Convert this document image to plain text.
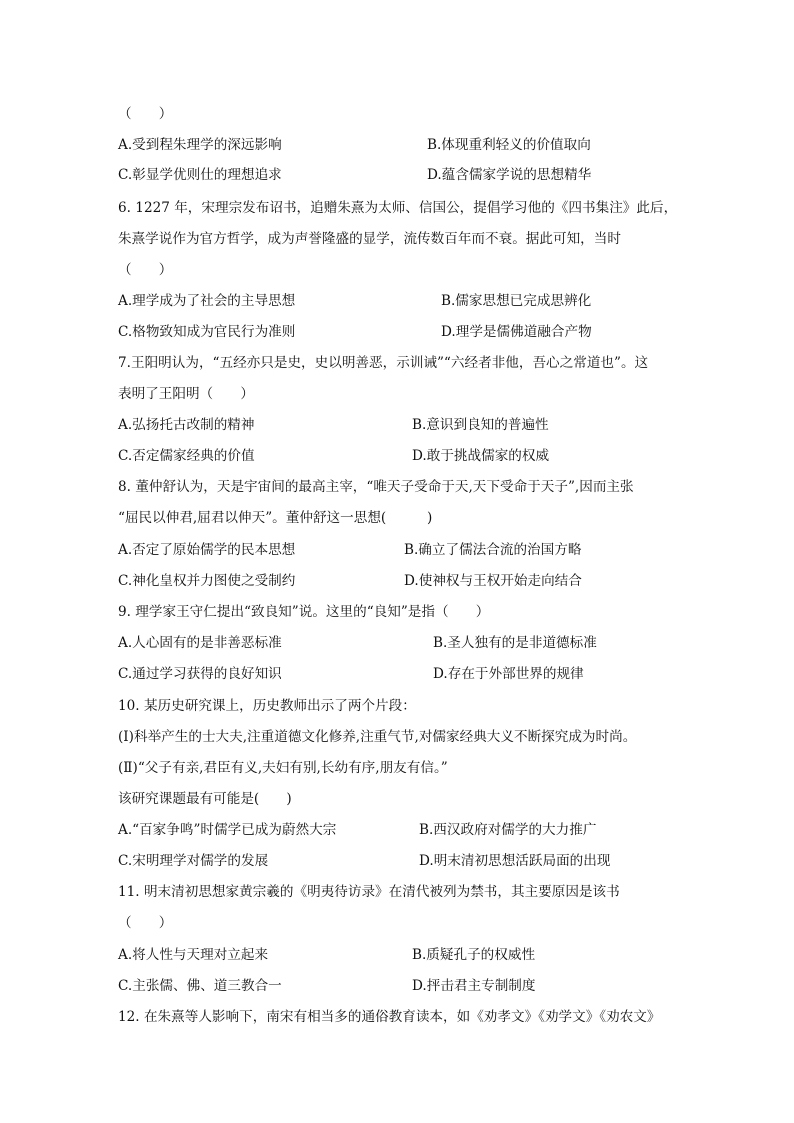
（　　）
A.受到程朱理学的深远影响	B.体现重利轻义的价值取向
C.彰显学优则仕的理想追求	D.蕴含儒家学说的思想精华
6. 1227 年，宋理宗发布诏书，追赠朱熹为太师、信国公，提倡学习他的《四书集注》此后，
朱熹学说作为官方哲学，成为声誉隆盛的显学，流传数百年而不衰。据此可知，当时
（　　）
A.理学成为了社会的主导思想	B.儒家思想已完成思辨化
C.格物致知成为官民行为准则	D.理学是儒佛道融合产物
7.王阳明认为，“五经亦只是史，史以明善恶，示训诫”“六经者非他，吾心之常道也”。这
表明了王阳明（　　）
A.弘扬托古改制的精神	B.意识到良知的普遍性
C.否定儒家经典的价值	D.敢于挑战儒家的权威
8. 董仲舒认为，天是宇宙间的最高主宰，“唯天子受命于天,天下受命于天子”,因而主张
“屈民以伸君,屈君以伸天”。董仲舒这一思想(　　　)
A.否定了原始儒学的民本思想	B.确立了儒法合流的治国方略
C.神化皇权并力图使之受制约	D.使神权与王权开始走向结合
9. 理学家王守仁提出“致良知”说。这里的“良知”是指（　　）
A.人心固有的是非善恶标准	B.圣人独有的是非道德标准
C.通过学习获得的良好知识	D.存在于外部世界的规律
10. 某历史研究课上，历史教师出示了两个片段：
(Ⅰ)科举产生的士大夫,注重道德文化修养,注重气节,对儒家经典大义不断探究成为时尚。
(Ⅱ)“父子有亲,君臣有义,夫妇有别,长幼有序,朋友有信。”
该研究课题最有可能是(　　)
A.“百家争鸣”时儒学已成为蔚然大宗	B.西汉政府对儒学的大力推广
C.宋明理学对儒学的发展	D.明末清初思想活跃局面的出现
11. 明末清初思想家黄宗羲的《明夷待访录》在清代被列为禁书，其主要原因是该书
（　　）
A.将人性与天理对立起来	B.质疑孔子的权威性
C.主张儒、佛、道三教合一	D.抨击君主专制制度
12. 在朱熹等人影响下，南宋有相当多的通俗教育读本，如《劝孝文》《劝学文》《劝农文》
